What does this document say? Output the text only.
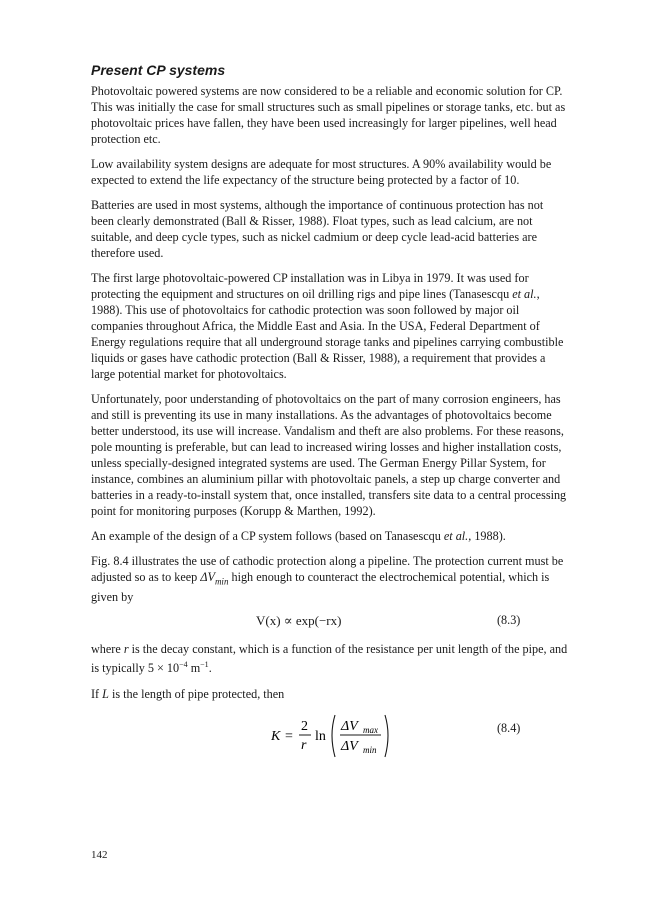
Present CP systems

Photovoltaic powered systems are now considered to be a reliable and economic solution for CP. This was initially the case for small structures such as small pipelines or storage tanks, etc. but as photovoltaic prices have fallen, they have been used increasingly for larger pipelines, well head protection etc.

Low availability system designs are adequate for most structures. A 90% availability would be expected to extend the life expectancy of the structure being protected by a factor of 10.

Batteries are used in most systems, although the importance of continuous protection has not been clearly demonstrated (Ball & Risser, 1988). Float types, such as lead calcium, are not suitable, and deep cycle types, such as nickel cadmium or deep cycle lead-acid batteries are therefore used.

The first large photovoltaic-powered CP installation was in Libya in 1979. It was used for protecting the equipment and structures on oil drilling rigs and pipe lines (Tanasescqu et al., 1988). This use of photovoltaics for cathodic protection was soon followed by major oil companies throughout Africa, the Middle East and Asia. In the USA, Federal Department of Energy regulations require that all underground storage tanks and pipelines carrying combustible liquids or gases have cathodic protection (Ball & Risser, 1988), a requirement that provides a large potential market for photovoltaics.

Unfortunately, poor understanding of photovoltaics on the part of many corrosion engineers, has and still is preventing its use in many installations. As the advantages of photovoltaics become better understood, its use will increase. Vandalism and theft are also problems. For these reasons, pole mounting is preferable, but can lead to increased wiring losses and higher installation costs, unless specially-designed integrated systems are used. The German Energy Pillar System, for instance, combines an aluminium pillar with photovoltaic panels, a step up charge converter and batteries in a ready-to-install system that, once installed, transfers site data to a central processing point for monitoring purposes (Korupp & Marthen, 1992).

An example of the design of a CP system follows (based on Tanasescqu et al., 1988).

Fig. 8.4 illustrates the use of cathodic protection along a pipeline. The protection current must be adjusted so as to keep $\Delta V_{min}$ high enough to counteract the electrochemical potential, which is given by

V(x) ∝ exp(−rx)	(8.3)

where r is the decay constant, which is a function of the resistance per unit length of the pipe, and is typically $5 \times 10^{-4}$ $m^{-1}$.

If L is the length of pipe protected, then

K =
2
r
ln
ΔV max
ΔV min
(8.4)
142
